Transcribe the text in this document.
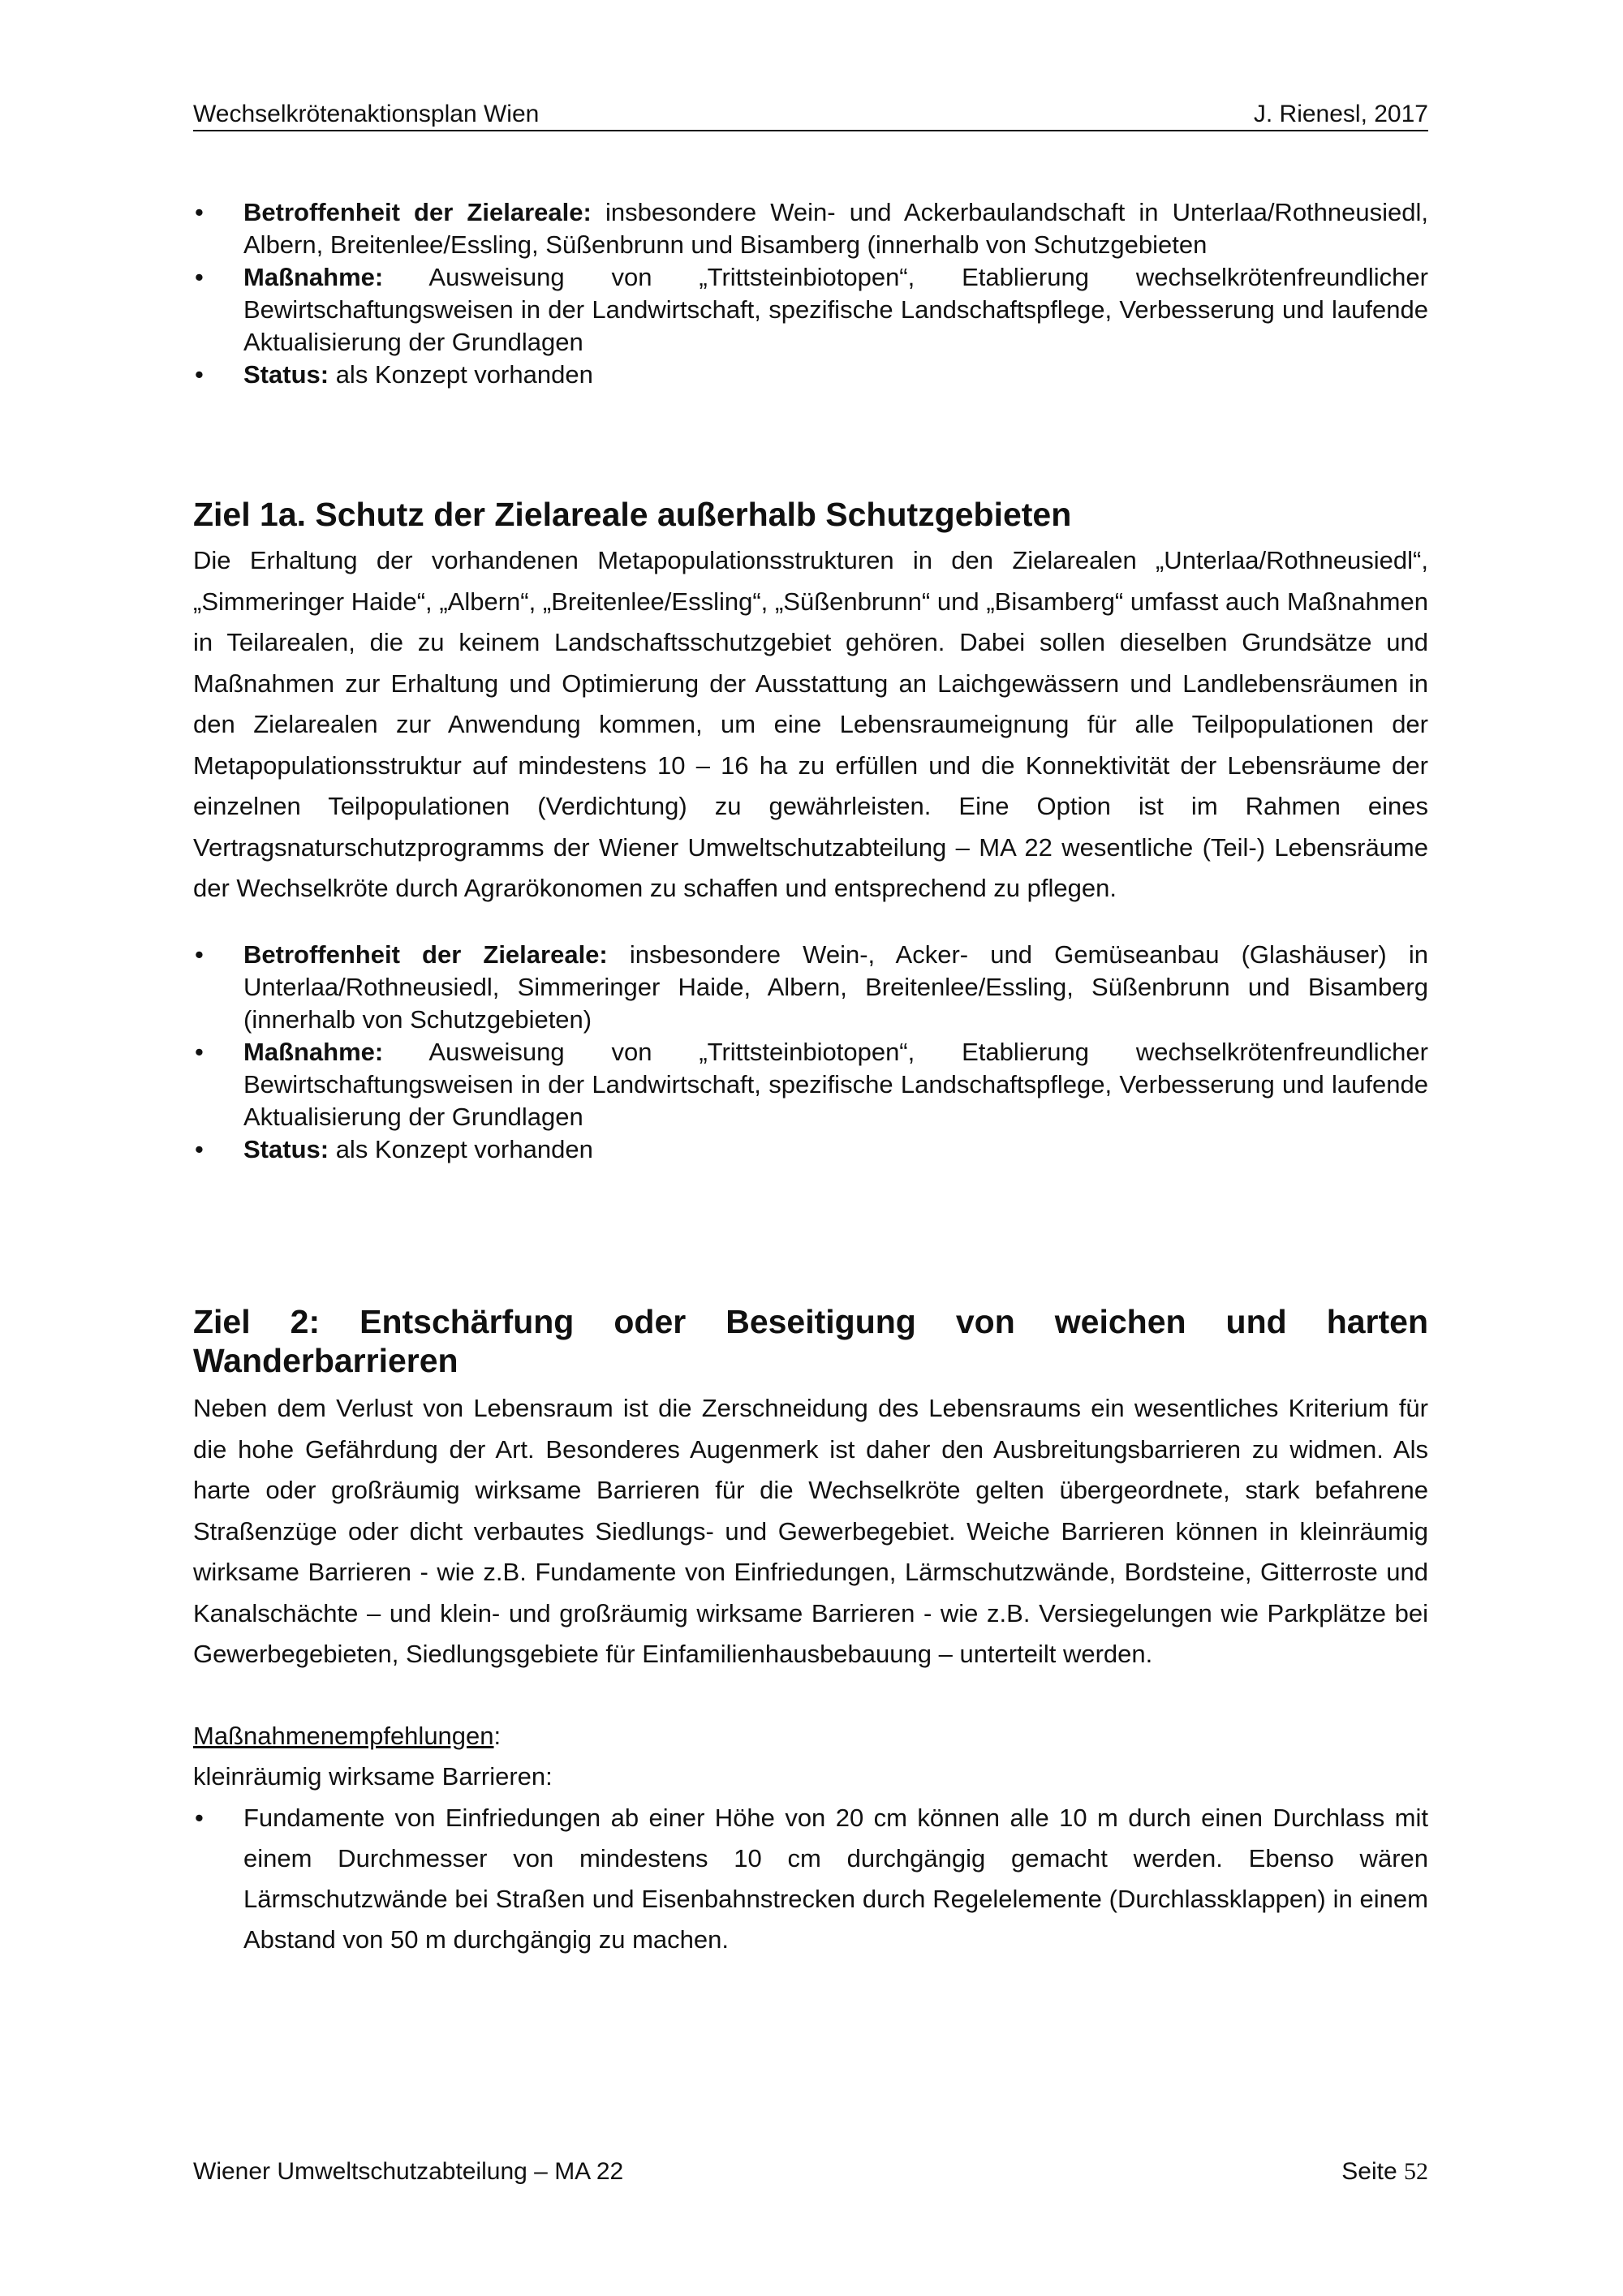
Wechselkrötenaktionsplan Wien	J. Rienesl, 2017
• Betroffenheit der Zielareale: insbesondere Wein- und Ackerbaulandschaft in Unterlaa/Rothneusiedl, Albern, Breitenlee/Essling, Süßenbrunn und Bisamberg (innerhalb von Schutzgebieten
• Maßnahme: Ausweisung von „Trittsteinbiotopen“, Etablierung wechselkrötenfreundlicher Bewirtschaftungsweisen in der Landwirtschaft, spezifische Landschaftspflege, Verbesserung und laufende Aktualisierung der Grundlagen
• Status: als Konzept vorhanden
Ziel 1a. Schutz der Zielareale außerhalb Schutzgebieten

Die Erhaltung der vorhandenen Metapopulationsstrukturen in den Zielarealen „Unterlaa/Rothneusiedl“, „Simmeringer Haide“, „Albern“, „Breitenlee/Essling“, „Süßenbrunn“ und „Bisamberg“ umfasst auch Maßnahmen in Teilarealen, die zu keinem Landschaftsschutzgebiet gehören. Dabei sollen dieselben Grundsätze und Maßnahmen zur Erhaltung und Optimierung der Ausstattung an Laichgewässern und Landlebensräumen in den Zielarealen zur Anwendung kommen, um eine Lebensraumeignung für alle Teilpopulationen der Metapopulationsstruktur auf mindestens 10 – 16 ha zu erfüllen und die Konnektivität der Lebensräume der einzelnen Teilpopulationen (Verdichtung) zu gewährleisten. Eine Option ist im Rahmen eines Vertragsnaturschutzprogramms der Wiener Umweltschutzabteilung – MA 22 wesentliche (Teil-) Lebensräume der Wechselkröte durch Agrarökonomen zu schaffen und entsprechend zu pflegen.

• Betroffenheit der Zielareale: insbesondere Wein-, Acker- und Gemüseanbau (Glashäuser) in Unterlaa/Rothneusiedl, Simmeringer Haide, Albern, Breitenlee/Essling, Süßenbrunn und Bisamberg (innerhalb von Schutzgebieten)
• Maßnahme: Ausweisung von „Trittsteinbiotopen“, Etablierung wechselkrötenfreundlicher Bewirtschaftungsweisen in der Landwirtschaft, spezifische Landschaftspflege, Verbesserung und laufende Aktualisierung der Grundlagen
• Status: als Konzept vorhanden
Ziel 2: Entschärfung oder Beseitigung von weichen und harten Wanderbarrieren

Neben dem Verlust von Lebensraum ist die Zerschneidung des Lebensraums ein wesentliches Kriterium für die hohe Gefährdung der Art. Besonderes Augenmerk ist daher den Ausbreitungsbarrieren zu widmen. Als harte oder großräumig wirksame Barrieren für die Wechselkröte gelten übergeordnete, stark befahrene Straßenzüge oder dicht verbautes Siedlungs- und Gewerbegebiet. Weiche Barrieren können in kleinräumig wirksame Barrieren - wie z.B. Fundamente von Einfriedungen, Lärmschutzwände, Bordsteine, Gitterroste und Kanalschächte – und klein- und großräumig wirksame Barrieren - wie z.B. Versiegelungen wie Parkplätze bei Gewerbegebieten, Siedlungsgebiete für Einfamilienhausbebauung – unterteilt werden.

Maßnahmenempfehlungen:

kleinräumig wirksame Barrieren:

• Fundamente von Einfriedungen ab einer Höhe von 20 cm können alle 10 m durch einen Durchlass mit einem Durchmesser von mindestens 10 cm durchgängig gemacht werden. Ebenso wären Lärmschutzwände bei Straßen und Eisenbahnstrecken durch Regelelemente (Durchlassklappen) in einem Abstand von 50 m durchgängig zu machen.
Wiener Umweltschutzabteilung – MA 22	Seite 52
